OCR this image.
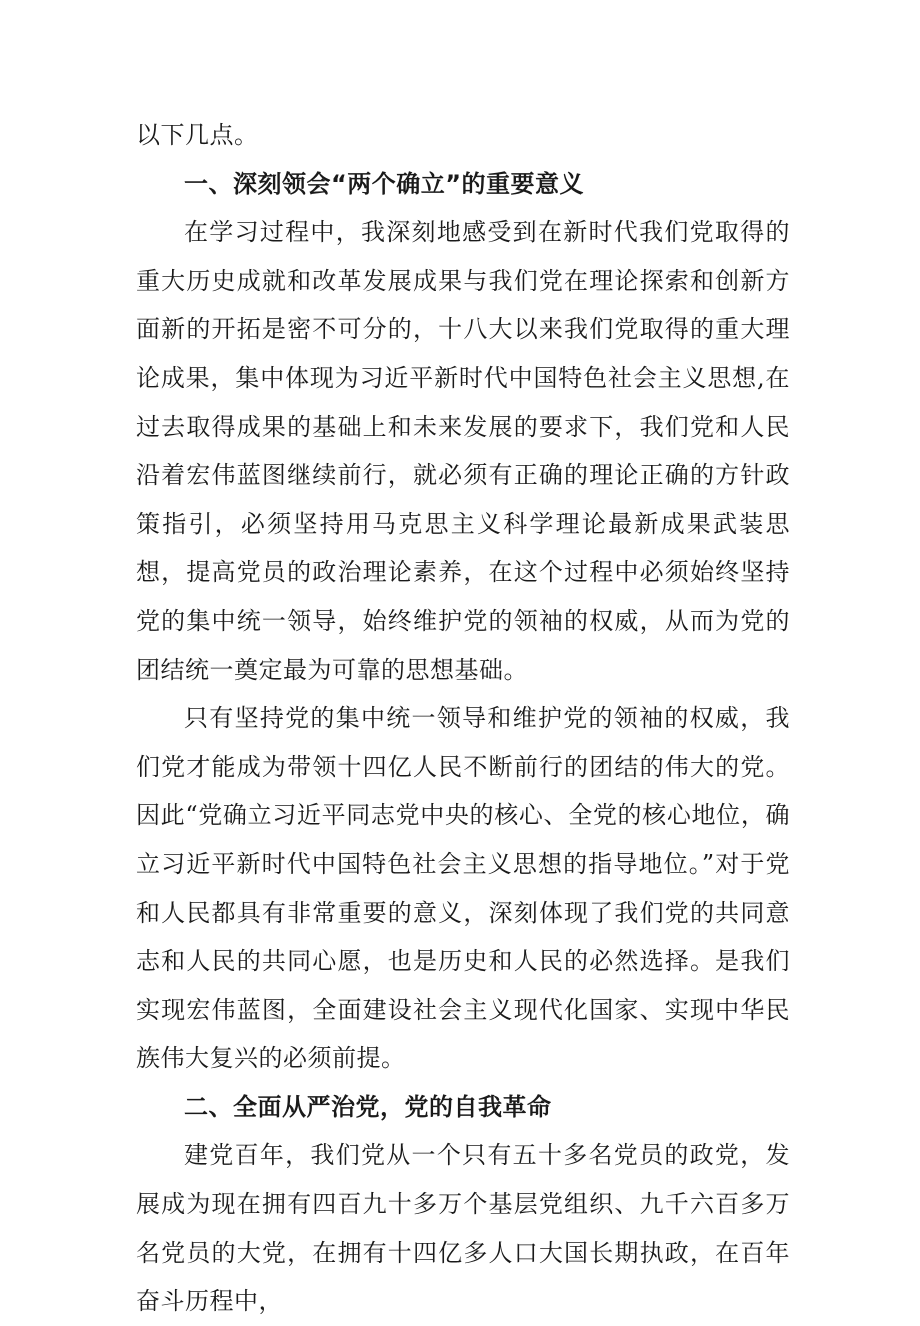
以下几点。

一、深刻领会“两个确立”的重要意义

在学习过程中，我深刻地感受到在新时代我们党取得的重大历史成就和改革发展成果与我们党在理论探索和创新方面新的开拓是密不可分的，十八大以来我们党取得的重大理论成果，集中体现为习近平新时代中国特色社会主义思想,在过去取得成果的基础上和未来发展的要求下，我们党和人民沿着宏伟蓝图继续前行，就必须有正确的理论正确的方针政策指引，必须坚持用马克思主义科学理论最新成果武装思想，提高党员的政治理论素养，在这个过程中必须始终坚持党的集中统一领导，始终维护党的领袖的权威，从而为党的团结统一奠定最为可靠的思想基础。

只有坚持党的集中统一领导和维护党的领袖的权威，我们党才能成为带领十四亿人民不断前行的团结的伟大的党。因此“党确立习近平同志党中央的核心、全党的核心地位，确立习近平新时代中国特色社会主义思想的指导地位。”对于党和人民都具有非常重要的意义，深刻体现了我们党的共同意志和人民的共同心愿，也是历史和人民的必然选择。是我们实现宏伟蓝图，全面建设社会主义现代化国家、实现中华民族伟大复兴的必须前提。

二、全面从严治党，党的自我革命

建党百年，我们党从一个只有五十多名党员的政党，发展成为现在拥有四百九十多万个基层党组织、九千六百多万名党员的大党，在拥有十四亿多人口大国长期执政，在百年奋斗历程中，
